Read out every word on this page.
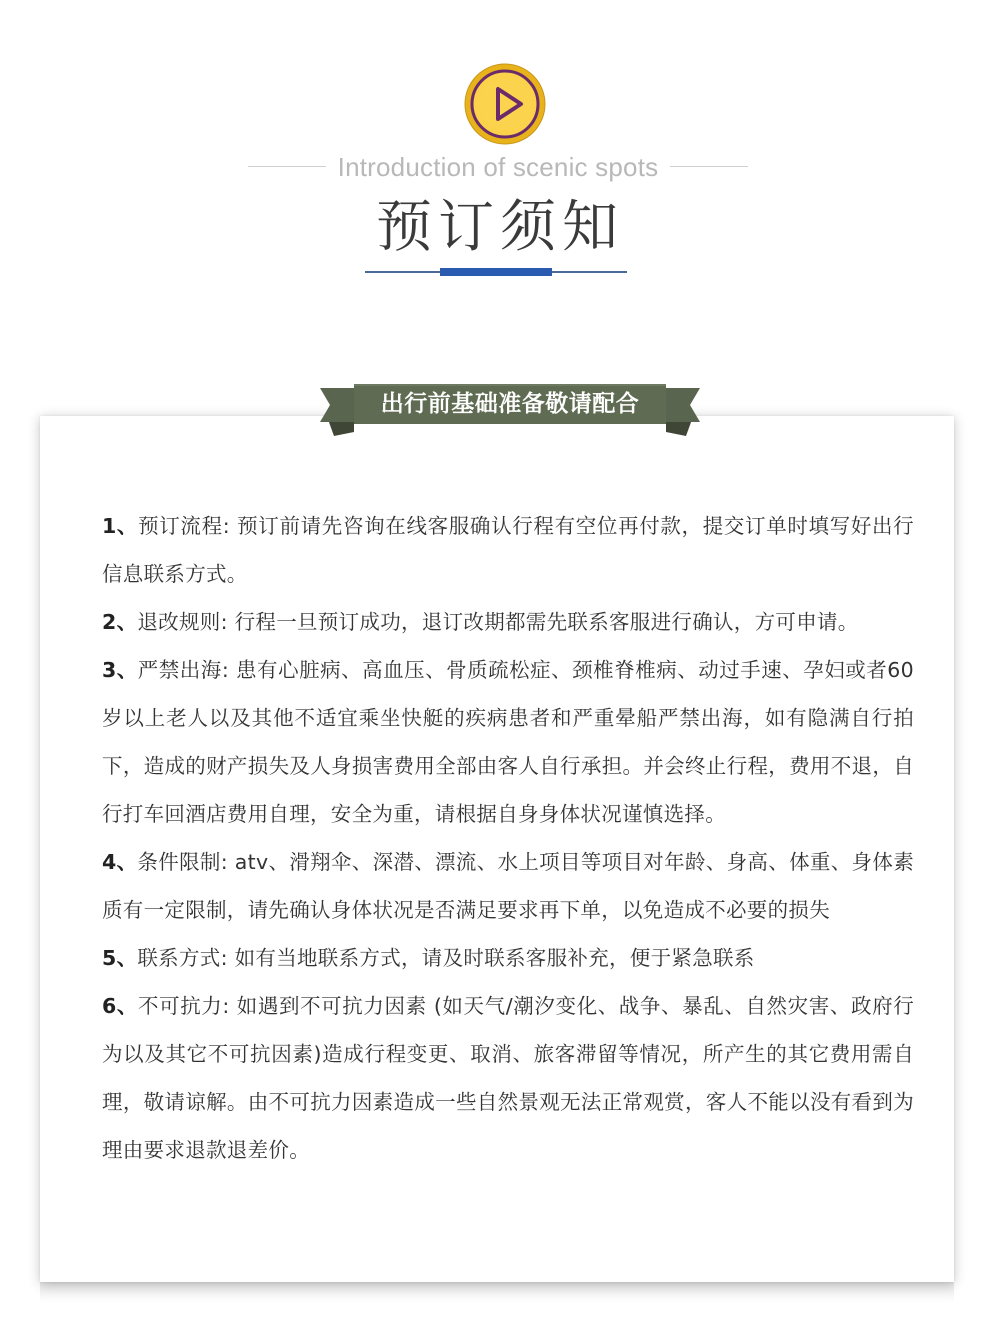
Introduction of scenic spots
预订须知
出行前基础准备敬请配合

1、预订流程: 预订前请先咨询在线客服确认行程有空位再付款，提交订单时填写好出行信息联系方式。

2、退改规则: 行程一旦预订成功，退订改期都需先联系客服进行确认，方可申请。

3、严禁出海: 患有心脏病、高血压、骨质疏松症、颈椎脊椎病、动过手速、孕妇或者60岁以上老人以及其他不适宜乘坐快艇的疾病患者和严重晕船严禁出海，如有隐满自行拍下，造成的财产损失及人身损害费用全部由客人自行承担。并会终止行程，费用不退，自行打车回酒店费用自理，安全为重，请根据自身身体状况谨慎选择。

4、条件限制: atv、滑翔伞、深潜、漂流、水上项目等项目对年龄、身高、体重、身体素质有一定限制，请先确认身体状况是否满足要求再下单，以免造成不必要的损失

5、联系方式: 如有当地联系方式，请及时联系客服补充，便于紧急联系

6、不可抗力: 如遇到不可抗力因素 (如天气/潮汐变化、战争、暴乱、自然灾害、政府行为以及其它不可抗因素)造成行程变更、取消、旅客滞留等情况，所产生的其它费用需自理，敬请谅解。由不可抗力因素造成一些自然景观无法正常观赏，客人不能以没有看到为理由要求退款退差价。
